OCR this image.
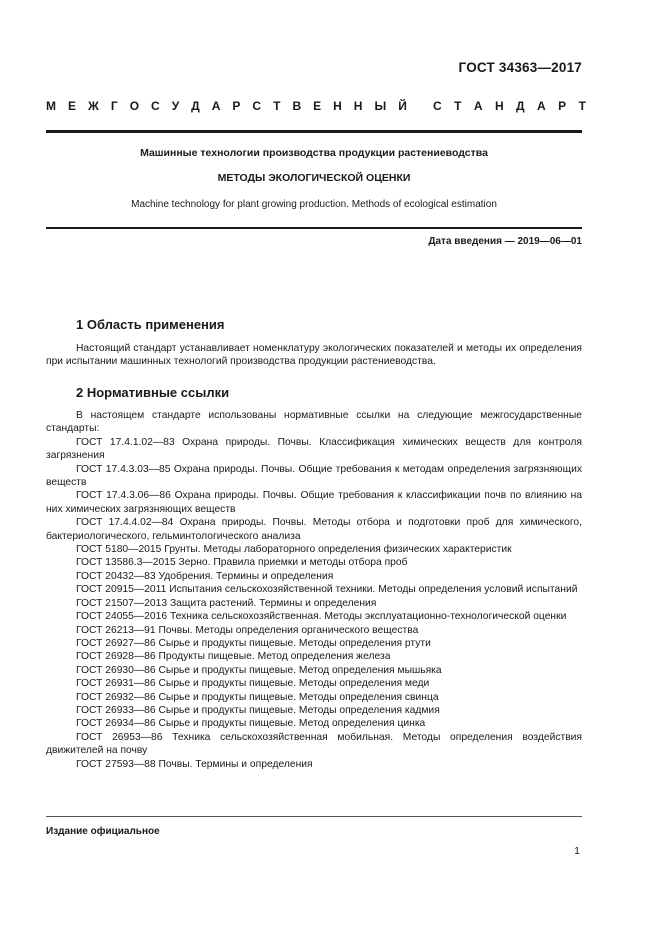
ГОСТ 34363—2017
М Е Ж Г О С У Д А Р С Т В Е Н Н Ы Й С Т А Н Д А Р Т
Машинные технологии производства продукции растениеводства
МЕТОДЫ ЭКОЛОГИЧЕСКОЙ ОЦЕНКИ
Machine technology for plant growing production. Methods of ecological estimation
Дата введения — 2019—06—01
1 Область применения

Настоящий стандарт устанавливает номенклатуру экологических показателей и методы их определения при испытании машинных технологий производства продукции растениеводства.

2 Нормативные ссылки

В настоящем стандарте использованы нормативные ссылки на следующие межгосударственные стандарты:

ГОСТ 17.4.1.02—83 Охрана природы. Почвы. Классификация химических веществ для контроля загрязнения

ГОСТ 17.4.3.03—85 Охрана природы. Почвы. Общие требования к методам определения загрязняющих веществ

ГОСТ 17.4.3.06—86 Охрана природы. Почвы. Общие требования к классификации почв по влиянию на них химических загрязняющих веществ

ГОСТ 17.4.4.02—84 Охрана природы. Почвы. Методы отбора и подготовки проб для химического, бактериологического, гельминтологического анализа

ГОСТ 5180—2015 Грунты. Методы лабораторного определения физических характеристик

ГОСТ 13586.3—2015 Зерно. Правила приемки и методы отбора проб

ГОСТ 20432—83 Удобрения. Термины и определения

ГОСТ 20915—2011 Испытания сельскохозяйственной техники. Методы определения условий испытаний

ГОСТ 21507—2013 Защита растений. Термины и определения

ГОСТ 24055—2016 Техника сельскохозяйственная. Методы эксплуатационно-технологической оценки

ГОСТ 26213—91 Почвы. Методы определения органического вещества

ГОСТ 26927—86 Сырье и продукты пищевые. Методы определения ртути

ГОСТ 26928—86 Продукты пищевые. Метод определения железа

ГОСТ 26930—86 Сырье и продукты пищевые. Метод определения мышьяка

ГОСТ 26931—86 Сырье и продукты пищевые. Методы определения меди

ГОСТ 26932—86 Сырье и продукты пищевые. Методы определения свинца

ГОСТ 26933—86 Сырье и продукты пищевые. Методы определения кадмия

ГОСТ 26934—86 Сырье и продукты пищевые. Метод определения цинка

ГОСТ 26953—86 Техника сельскохозяйственная мобильная. Методы определения воздействия движителей на почву

ГОСТ 27593—88 Почвы. Термины и определения

Издание официальное
1
